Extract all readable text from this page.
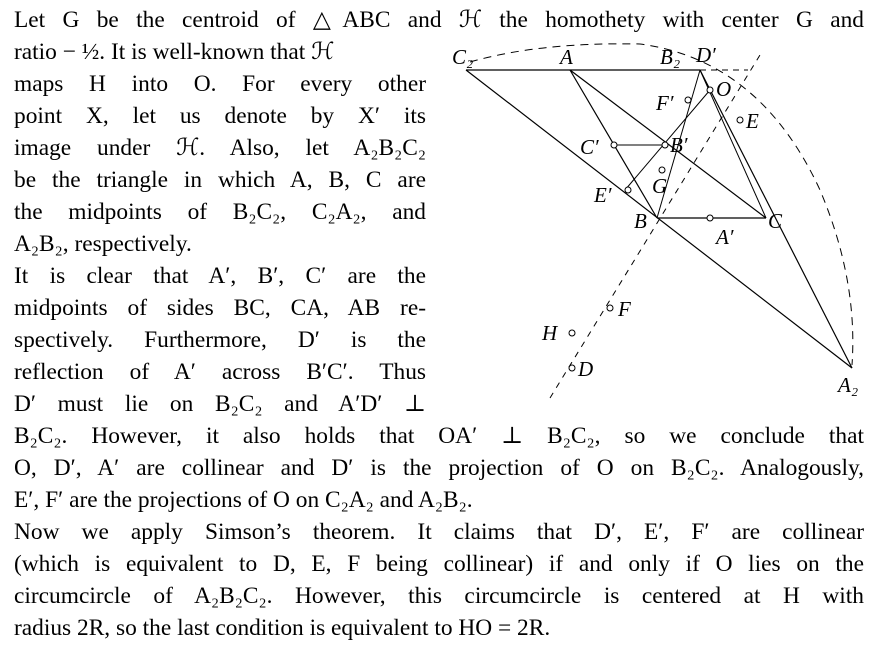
Let G be the centroid of △ABC and ℋ the homothety with center G and
ratio − ½. It is well-known that ℋ
maps H into O. For every other
point X, let us denote by X′ its
image under ℋ. Also, let A₂B₂C₂
be the triangle in which A, B, C are
the midpoints of B₂C₂, C₂A₂, and
A₂B₂, respectively.
It is clear that A′, B′, C′ are the
midpoints of sides BC, CA, AB re-
spectively. Furthermore, D′ is the
reflection of A′ across B′C′. Thus
D′ must lie on B₂C₂ and A′D′ ⊥
B₂C₂. However, it also holds that OA′ ⊥ B₂C₂, so we conclude that
O, D′, A′ are collinear and D′ is the projection of O on B₂C₂. Analogously,
E′, F′ are the projections of O on C₂A₂ and A₂B₂.
Now we apply Simson’s theorem. It claims that D′, E′, F′ are collinear
(which is equivalent to D, E, F being collinear) if and only if O lies on the
circumcircle of A₂B₂C₂. However, this circumcircle is centered at H with
radius 2R, so the last condition is equivalent to HO = 2R.
C₂	A	B₂ D′
O
F′
E
C′	B′
G
E′
B	C
A′
F
H
D
A₂
